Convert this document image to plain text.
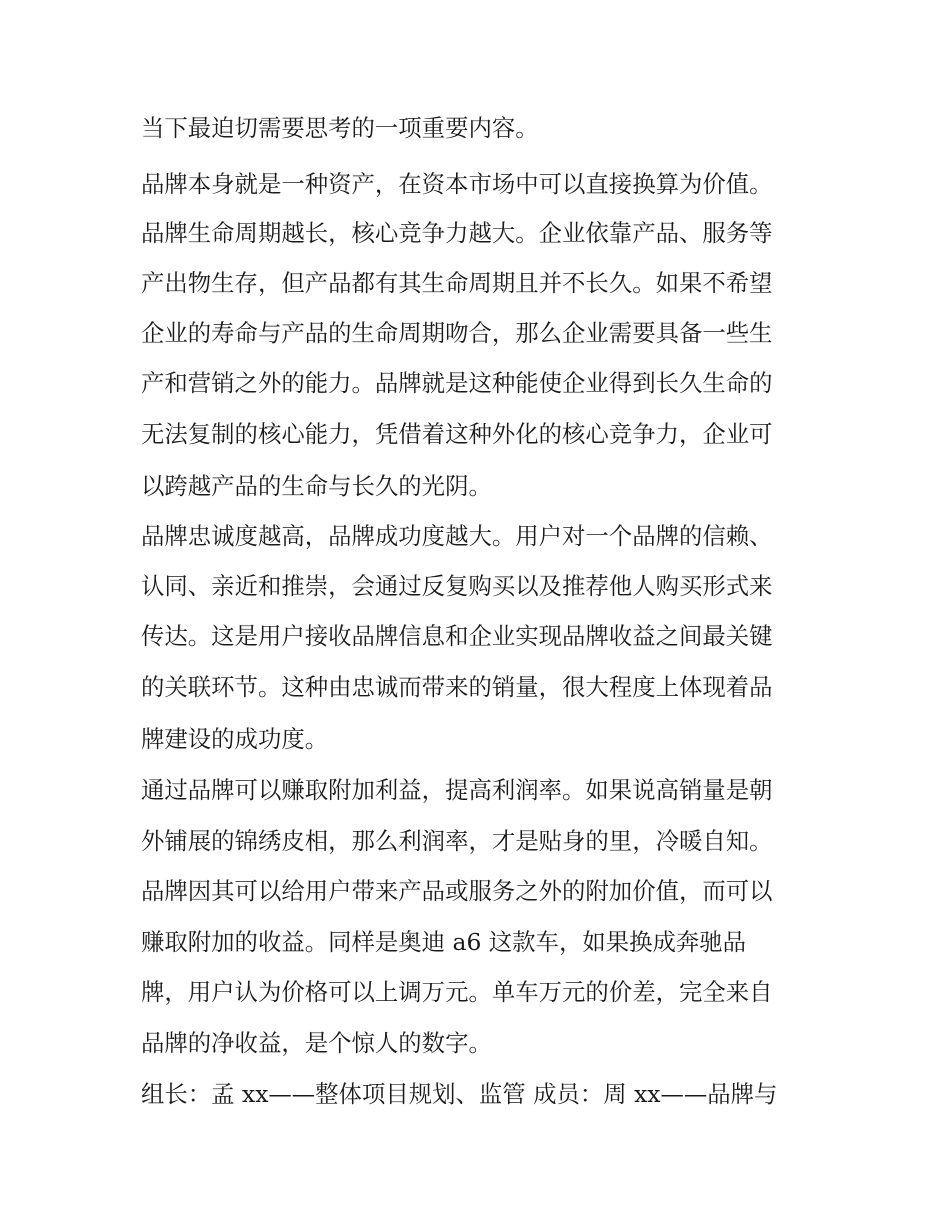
当下最迫切需要思考的一项重要内容。
品牌本身就是一种资产，在资本市场中可以直接换算为价值。
品牌生命周期越长，核心竞争力越大。企业依靠产品、服务等
产出物生存，但产品都有其生命周期且并不长久。如果不希望
企业的寿命与产品的生命周期吻合，那么企业需要具备一些生
产和营销之外的能力。品牌就是这种能使企业得到长久生命的
无法复制的核心能力，凭借着这种外化的核心竞争力，企业可
以跨越产品的生命与长久的光阴。
品牌忠诚度越高，品牌成功度越大。用户对一个品牌的信赖、
认同、亲近和推崇，会通过反复购买以及推荐他人购买形式来
传达。这是用户接收品牌信息和企业实现品牌收益之间最关键
的关联环节。这种由忠诚而带来的销量，很大程度上体现着品
牌建设的成功度。
通过品牌可以赚取附加利益，提高利润率。如果说高销量是朝
外铺展的锦绣皮相，那么利润率，才是贴身的里，冷暖自知。
品牌因其可以给用户带来产品或服务之外的附加价值，而可以
赚取附加的收益。同样是奥迪 a6 这款车，如果换成奔驰品
牌，用户认为价格可以上调万元。单车万元的价差，完全来自
品牌的净收益，是个惊人的数字。
组长：孟 xx——整体项目规划、监管 成员：周 xx——品牌与
